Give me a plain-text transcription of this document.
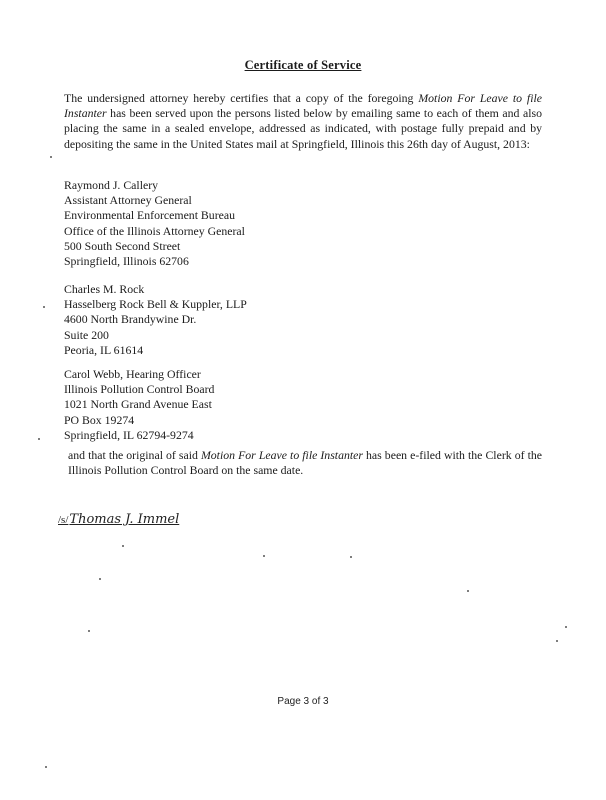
Certificate of Service
The undersigned attorney hereby certifies that a copy of the foregoing Motion For Leave to file Instanter has been served upon the persons listed below by emailing same to each of them and also placing the same in a sealed envelope, addressed as indicated, with postage fully prepaid and by depositing the same in the United States mail at Springfield, Illinois this 26th day of August, 2013:
Raymond J. Callery
Assistant Attorney General
Environmental Enforcement Bureau
Office of the Illinois Attorney General
500 South Second Street
Springfield, Illinois 62706
Charles M. Rock
Hasselberg Rock Bell & Kuppler, LLP
4600 North Brandywine Dr.
Suite 200
Peoria, IL 61614
Carol Webb, Hearing Officer
Illinois Pollution Control Board
1021 North Grand Avenue East
PO Box 19274
Springfield, IL 62794-9274
and that the original of said Motion For Leave to file Instanter has been e-filed with the Clerk of the Illinois Pollution Control Board on the same date.
/s/Thomas J. Immel
Page 3 of 3
